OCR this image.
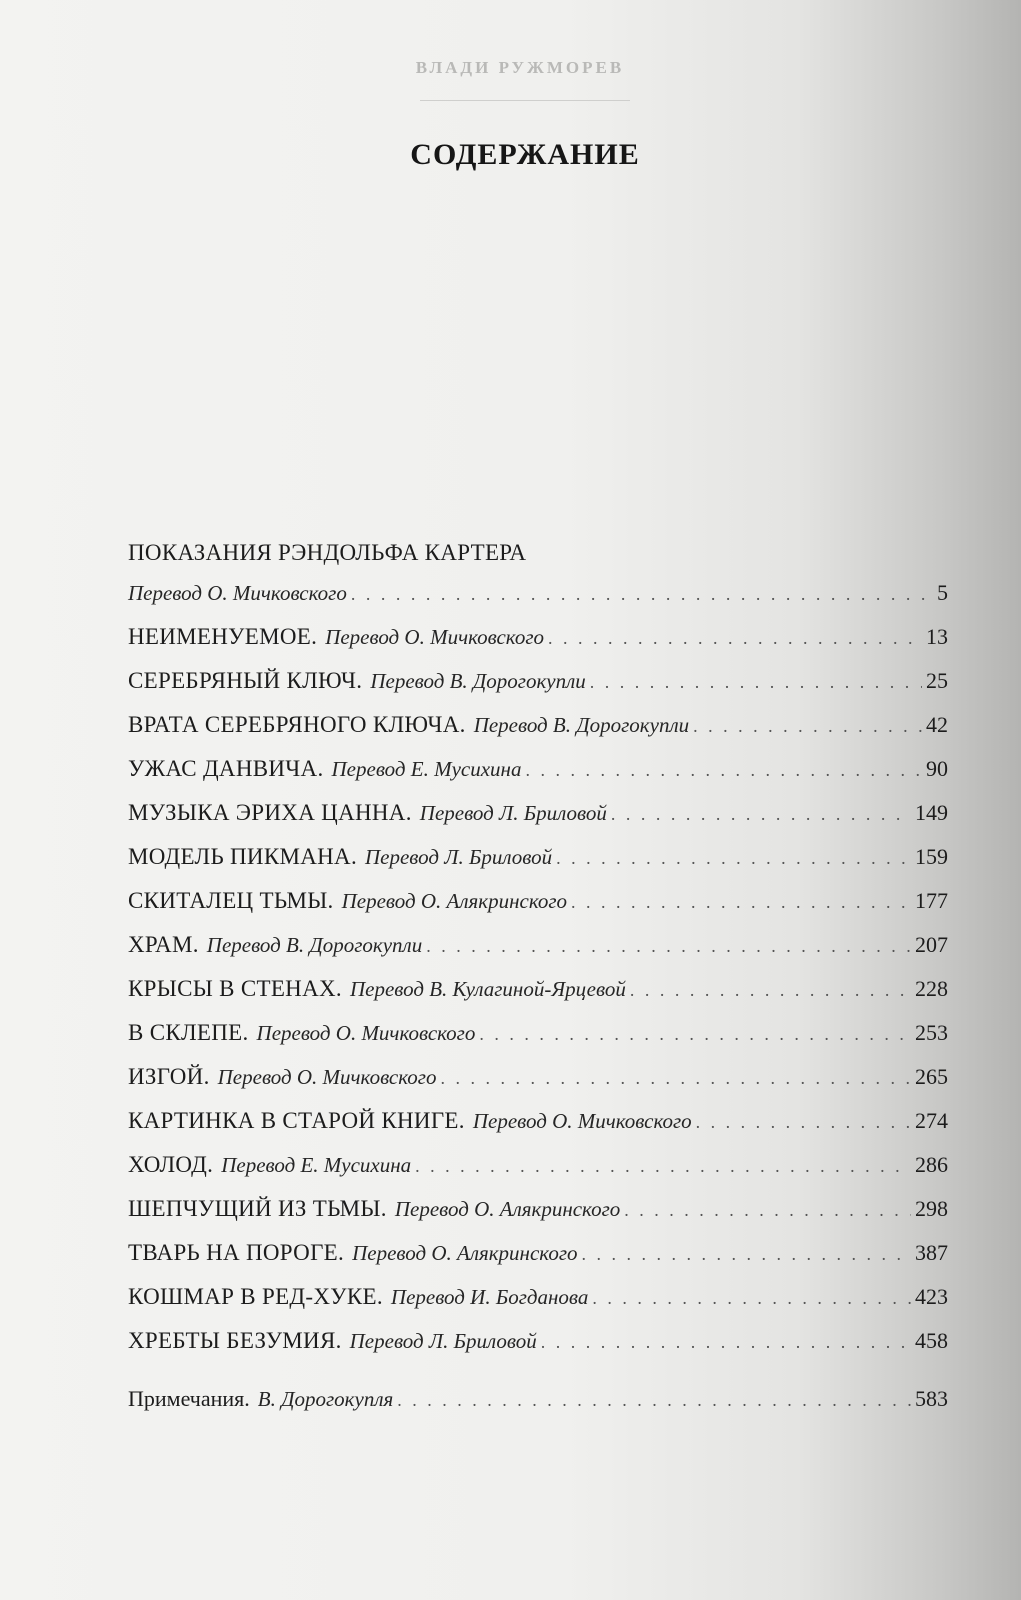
ВЛАДИ РУЖМОРЕВ
СОДЕРЖАНИЕ
ПОКАЗАНИЯ РЭНДОЛЬФА КАРТЕРА
Перевод О. Мичковского . . .	5
НЕИМЕНУЕМОЕ. Перевод О. Мичковского . . .	13
СЕРЕБРЯНЫЙ КЛЮЧ. Перевод В. Дорогокупли . . .	25
ВРАТА СЕРЕБРЯНОГО КЛЮЧА. Перевод В. Дорогокупли . . .	42
УЖАС ДАНВИЧА. Перевод Е. Мусихина . . .	90
МУЗЫКА ЭРИХА ЦАННА. Перевод Л. Бриловой . . .	149
МОДЕЛЬ ПИКМАНА. Перевод Л. Бриловой . . .	159
СКИТАЛЕЦ ТЬМЫ. Перевод О. Алякринского . . .	177
ХРАМ. Перевод В. Дорогокупли . . .	207
КРЫСЫ В СТЕНАХ. Перевод В. Кулагиной-Ярцевой . . .	228
В СКЛЕПЕ. Перевод О. Мичковского . . .	253
ИЗГОЙ. Перевод О. Мичковского . . .	265
КАРТИНКА В СТАРОЙ КНИГЕ. Перевод О. Мичковского . . .	274
ХОЛОД. Перевод Е. Мусихина . . .	286
ШЕПЧУЩИЙ ИЗ ТЬМЫ. Перевод О. Алякринского . . .	298
ТВАРЬ НА ПОРОГЕ. Перевод О. Алякринского . . .	387
КОШМАР В РЕД-ХУКЕ. Перевод И. Богданова . . .	423
ХРЕБТЫ БЕЗУМИЯ. Перевод Л. Бриловой . . .	458
Примечания. В. Дорогокупля . . .	583
